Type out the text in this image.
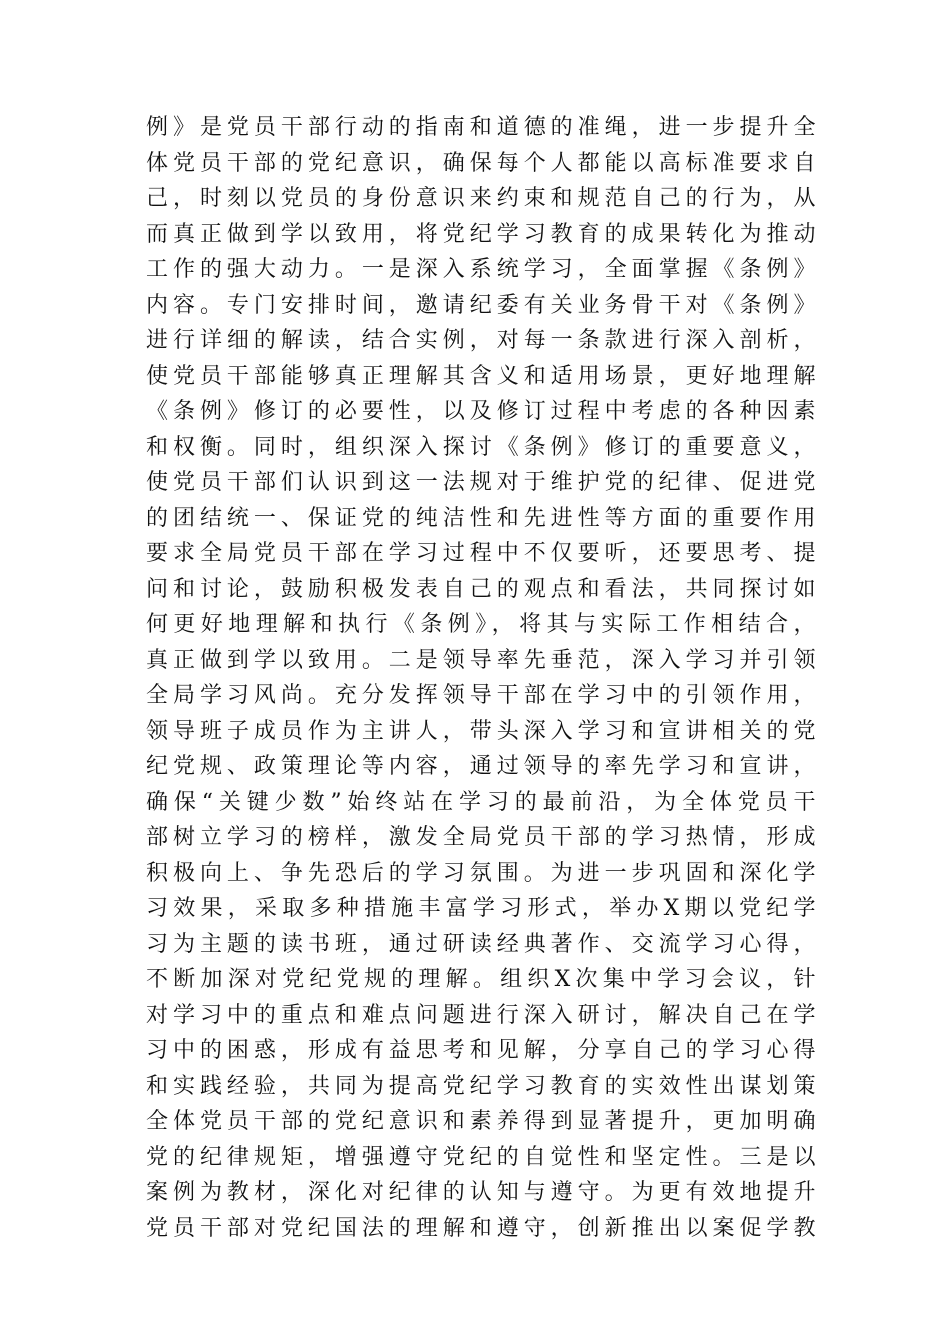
例》是党员干部行动的指南和道德的准绳，进一步提升全
体党员干部的党纪意识，确保每个人都能以高标准要求自
己，时刻以党员的身份意识来约束和规范自己的行为，从
而真正做到学以致用，将党纪学习教育的成果转化为推动
工作的强大动力。一是深入系统学习，全面掌握《条例》
内容。专门安排时间，邀请纪委有关业务骨干对《条例》
进行详细的解读，结合实例，对每一条款进行深入剖析，
使党员干部能够真正理解其含义和适用场景，更好地理解
《条例》修订的必要性，以及修订过程中考虑的各种因素
和权衡。同时，组织深入探讨《条例》修订的重要意义，
使党员干部们认识到这一法规对于维护党的纪律、促进党
的团结统一、保证党的纯洁性和先进性等方面的重要作用
要求全局党员干部在学习过程中不仅要听，还要思考、提
问和讨论，鼓励积极发表自己的观点和看法，共同探讨如
何更好地理解和执行《条例》，将其与实际工作相结合，
真正做到学以致用。二是领导率先垂范，深入学习并引领
全局学习风尚。充分发挥领导干部在学习中的引领作用，
领导班子成员作为主讲人，带头深入学习和宣讲相关的党
纪党规、政策理论等内容，通过领导的率先学习和宣讲，
确保“关键少数”始终站在学习的最前沿，为全体党员干
部树立学习的榜样，激发全局党员干部的学习热情，形成
积极向上、争先恐后的学习氛围。为进一步巩固和深化学
习效果，采取多种措施丰富学习形式，举办X期以党纪学
习为主题的读书班，通过研读经典著作、交流学习心得，
不断加深对党纪党规的理解。组织X次集中学习会议，针
对学习中的重点和难点问题进行深入研讨，解决自己在学
习中的困惑，形成有益思考和见解，分享自己的学习心得
和实践经验，共同为提高党纪学习教育的实效性出谋划策
全体党员干部的党纪意识和素养得到显著提升，更加明确
党的纪律规矩，增强遵守党纪的自觉性和坚定性。三是以
案例为教材，深化对纪律的认知与遵守。为更有效地提升
党员干部对党纪国法的理解和遵守，创新推出以案促学教
